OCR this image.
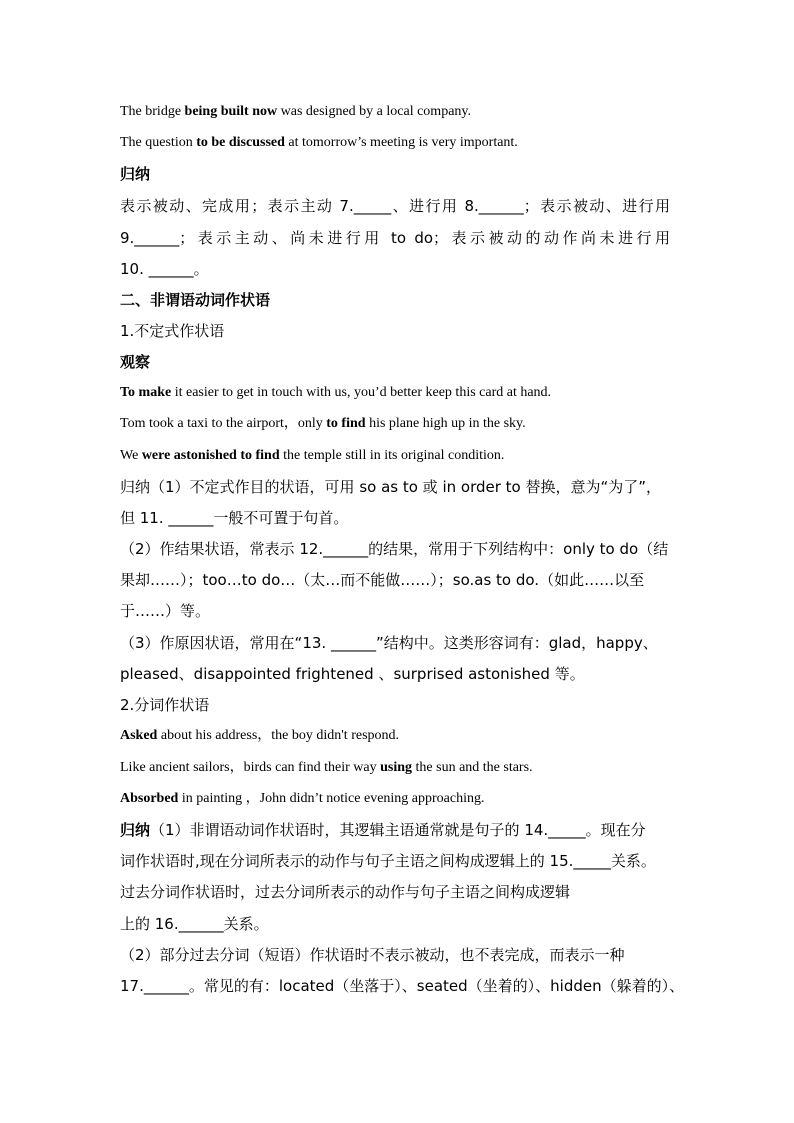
The bridge being built now was designed by a local company.
The question to be discussed at tomorrow’s meeting is very important.
归纳
表示被动、完成用；表示主动 7._____、进行用 8.______；表示被动、进行用
9.______；表示主动、尚未进行用 to do；表示被动的动作尚未进行用
10. ______。
二、非谓语动词作状语
1.不定式作状语
观察
To make it easier to get in touch with us, you’d better keep this card at hand.
Tom took a taxi to the airport，only to find his plane high up in the sky.
We were astonished to find the temple still in its original condition.
归纳（1）不定式作目的状语，可用 so as to 或 in order to 替换，意为“为了”，
但 11. ______一般不可置于句首。
（2）作结果状语，常表示 12.______的结果，常用于下列结构中：only to do（结
果却……）；too…to do…（太…而不能做……）；so.as to do.（如此……以至
于……）等。
（3）作原因状语，常用在“13. ______”结构中。这类形容词有：glad，happy、
pleased、disappointed frightened 、surprised astonished 等。
2.分词作状语
Asked about his address，the boy didn't respond.
Like ancient sailors，birds can find their way using the sun and the stars.
Absorbed in painting ，John didn’t notice evening approaching.
归纳（1）非谓语动词作状语时，其逻辑主语通常就是句子的 14._____。现在分
词作状语时,现在分词所表示的动作与句子主语之间构成逻辑上的 15._____关系。
过去分词作状语时，过去分词所表示的动作与句子主语之间构成逻辑
上的 16.______关系。
（2）部分过去分词（短语）作状语时不表示被动，也不表完成，而表示一种
17.______。常见的有：located（坐落于）、seated（坐着的）、hidden（躲着的）、
